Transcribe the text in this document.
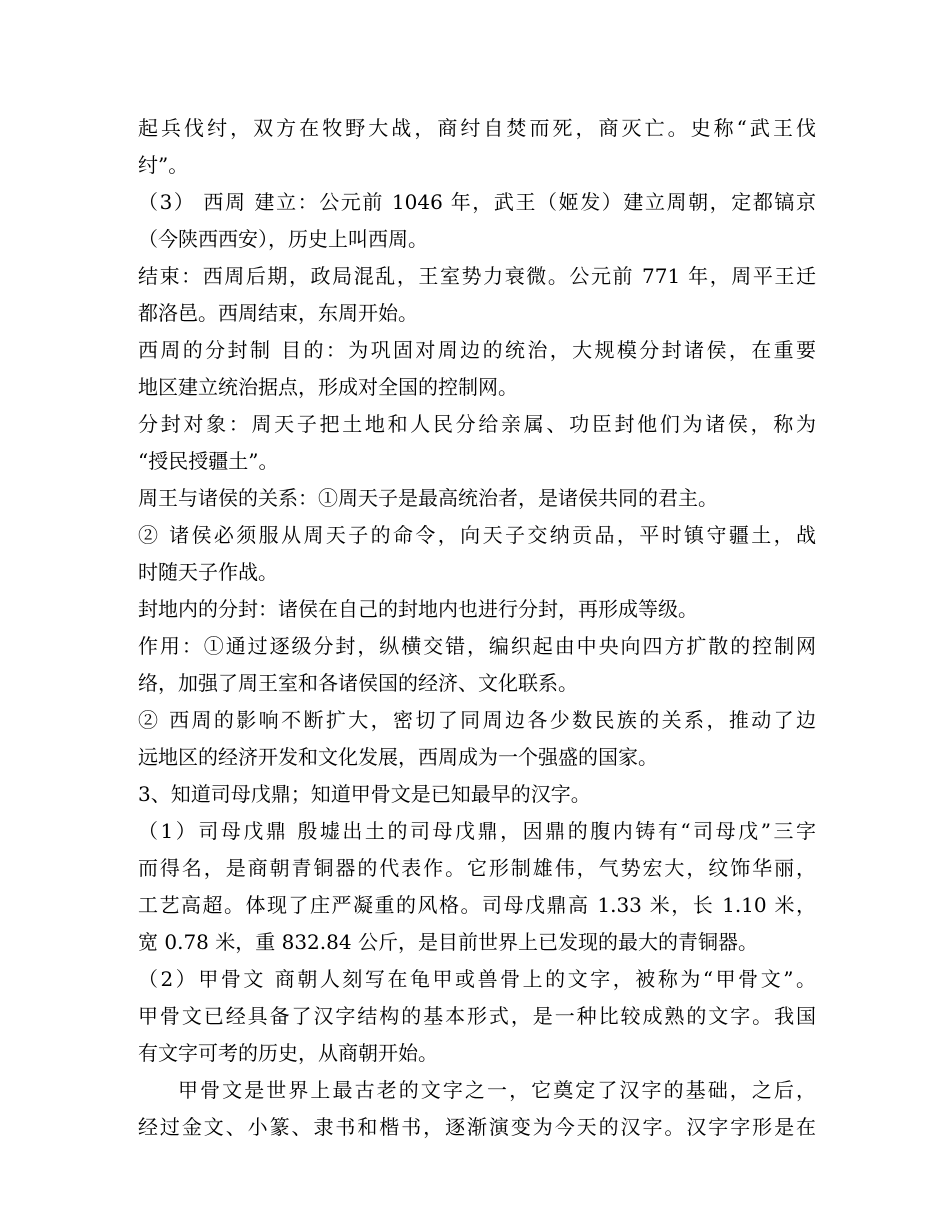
起兵伐纣，双方在牧野大战，商纣自焚而死，商灭亡。史称“武王伐
纣”。
（3） 西周 建立：公元前 1046 年，武王（姬发）建立周朝，定都镐京
（今陕西西安），历史上叫西周。
结束：西周后期，政局混乱，王室势力衰微。公元前 771 年，周平王迁
都洛邑。西周结束，东周开始。
西周的分封制 目的：为巩固对周边的统治，大规模分封诸侯，在重要
地区建立统治据点，形成对全国的控制网。
分封对象：周天子把土地和人民分给亲属、功臣封他们为诸侯，称为
“授民授疆土”。
周王与诸侯的关系：①周天子是最高统治者，是诸侯共同的君主。
② 诸侯必须服从周天子的命令，向天子交纳贡品，平时镇守疆土，战
时随天子作战。
封地内的分封：诸侯在自己的封地内也进行分封，再形成等级。
作用：①通过逐级分封，纵横交错，编织起由中央向四方扩散的控制网
络，加强了周王室和各诸侯国的经济、文化联系。
② 西周的影响不断扩大，密切了同周边各少数民族的关系，推动了边
远地区的经济开发和文化发展，西周成为一个强盛的国家。
3、知道司母戊鼎；知道甲骨文是已知最早的汉字。
（1）司母戊鼎 殷墟出土的司母戊鼎，因鼎的腹内铸有“司母戊”三字
而得名，是商朝青铜器的代表作。它形制雄伟，气势宏大，纹饰华丽，
工艺高超。体现了庄严凝重的风格。司母戊鼎高 1.33 米，长 1.10 米，
宽 0.78 米，重 832.84 公斤，是目前世界上已发现的最大的青铜器。
（2）甲骨文 商朝人刻写在龟甲或兽骨上的文字，被称为“甲骨文”。
甲骨文已经具备了汉字结构的基本形式，是一种比较成熟的文字。我国
有文字可考的历史，从商朝开始。
甲骨文是世界上最古老的文字之一，它奠定了汉字的基础，之后，
经过金文、小篆、隶书和楷书，逐渐演变为今天的汉字。汉字字形是在
